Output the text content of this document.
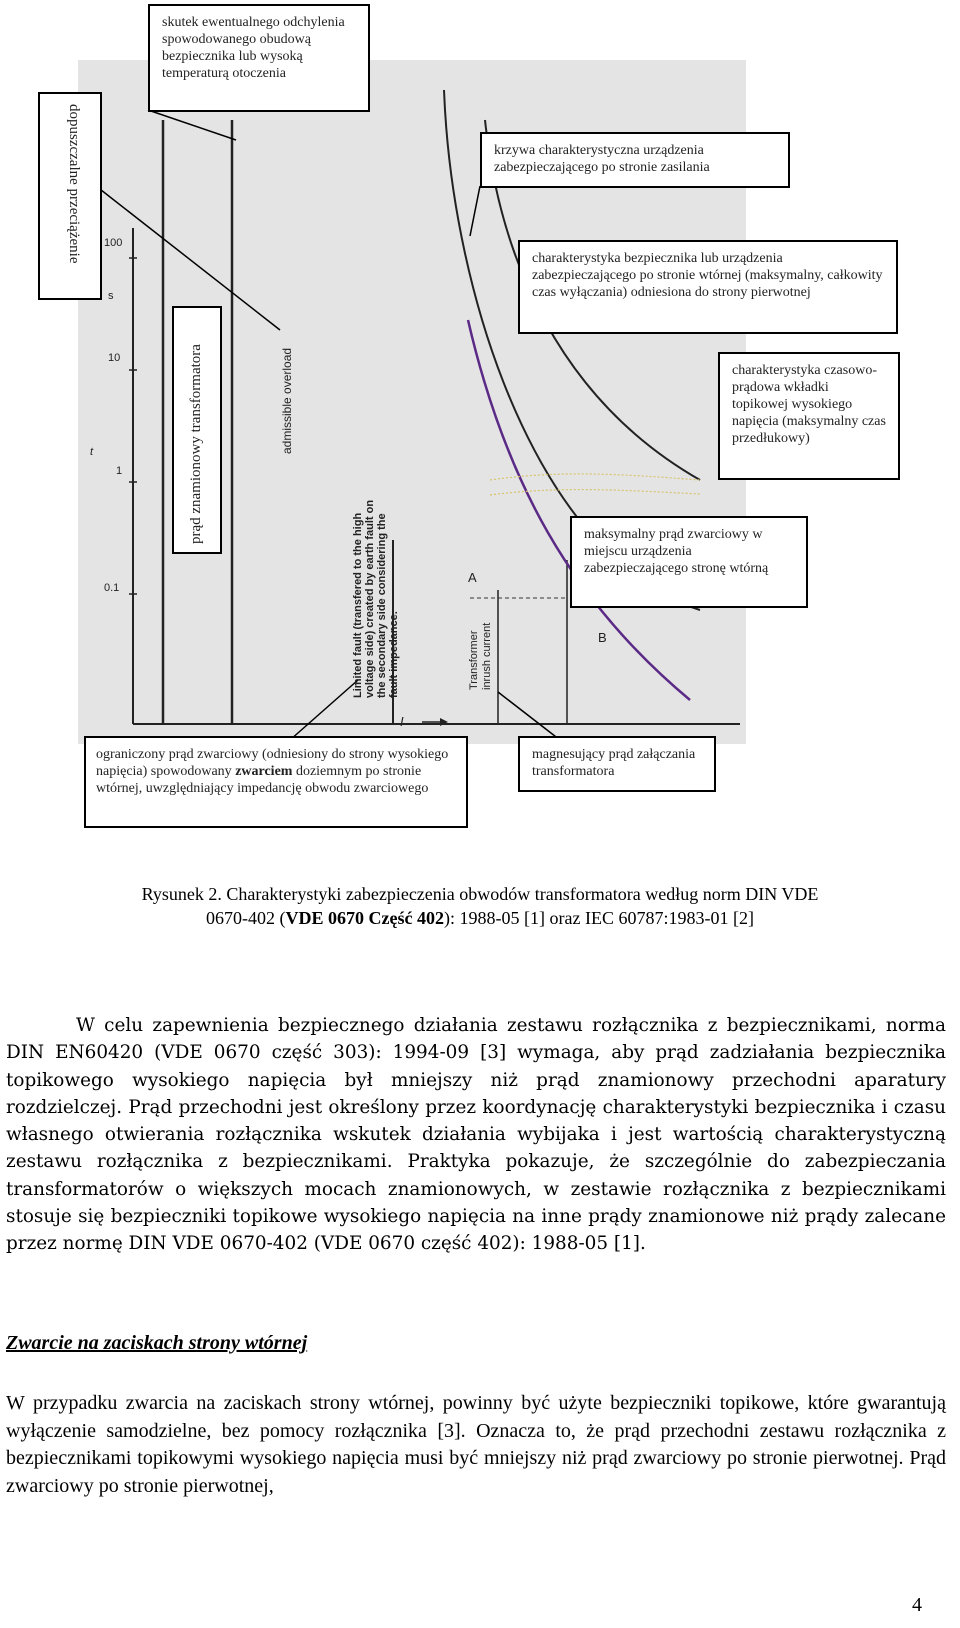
100
s
10
1
0.1
t
A
B
I
admissible overload
Limited fault (transfered to the high voltage side) created by earth fault on the secondary side considering the fault impedance.	Transformer inrush current
dopuszczalne przeciążenie
skutek ewentualnego odchylenia spowodowanego obudową bezpiecznika lub wysoką temperaturą otoczenia
krzywa charakterystyczna urządzenia zabezpieczającego po stronie zasilania
charakterystyka bezpiecznika lub urządzenia zabezpieczającego po stronie wtórnej (maksymalny, całkowity czas wyłączania) odniesiona do strony pierwotnej
prąd znamionowy transformatora	charakterystyka czasowo-prądowa wkładki topikowej wysokiego napięcia (maksymalny czas przedłukowy)
maksymalny prąd zwarciowy w miejscu urządzenia zabezpieczającego stronę wtórną
ograniczony prąd zwarciowy (odniesiony do strony wysokiego napięcia) spowodowany zwarciem doziemnym po stronie wtórnej, uwzględniający impedancję obwodu zwarciowego
magnesujący prąd załączania transformatora
Rysunek 2. Charakterystyki zabezpieczenia obwodów transformatora według norm DIN VDE
0670-402 (VDE 0670 Część 402): 1988-05 [1] oraz IEC 60787:1983-01 [2]

W celu zapewnienia bezpiecznego działania zestawu rozłącznika z bezpiecznikami, norma DIN EN60420 (VDE 0670 część 303): 1994-09 [3] wymaga, aby prąd zadziałania bezpiecznika topikowego wysokiego napięcia był mniejszy niż prąd znamionowy przechodni aparatury rozdzielczej. Prąd przechodni jest określony przez koordynację charakterystyki bezpiecznika i czasu własnego otwierania rozłącznika wskutek działania wybijaka i jest wartością charakterystyczną zestawu rozłącznika z bezpiecznikami. Praktyka pokazuje, że szczególnie do zabezpieczania transformatorów o większych mocach znamionowych, w zestawie rozłącznika z bezpiecznikami stosuje się bezpieczniki topikowe wysokiego napięcia na inne prądy znamionowe niż prądy zalecane przez normę DIN VDE 0670-402 (VDE 0670 część 402): 1988-05 [1].

Zwarcie na zaciskach strony wtórnej

W przypadku zwarcia na zaciskach strony wtórnej, powinny być użyte bezpieczniki topikowe, które gwarantują wyłączenie samodzielne, bez pomocy rozłącznika [3]. Oznacza to, że prąd przechodni zestawu rozłącznika z bezpiecznikami topikowymi wysokiego napięcia musi być mniejszy niż prąd zwarciowy po stronie pierwotnej. Prąd zwarciowy po stronie pierwotnej,

4
